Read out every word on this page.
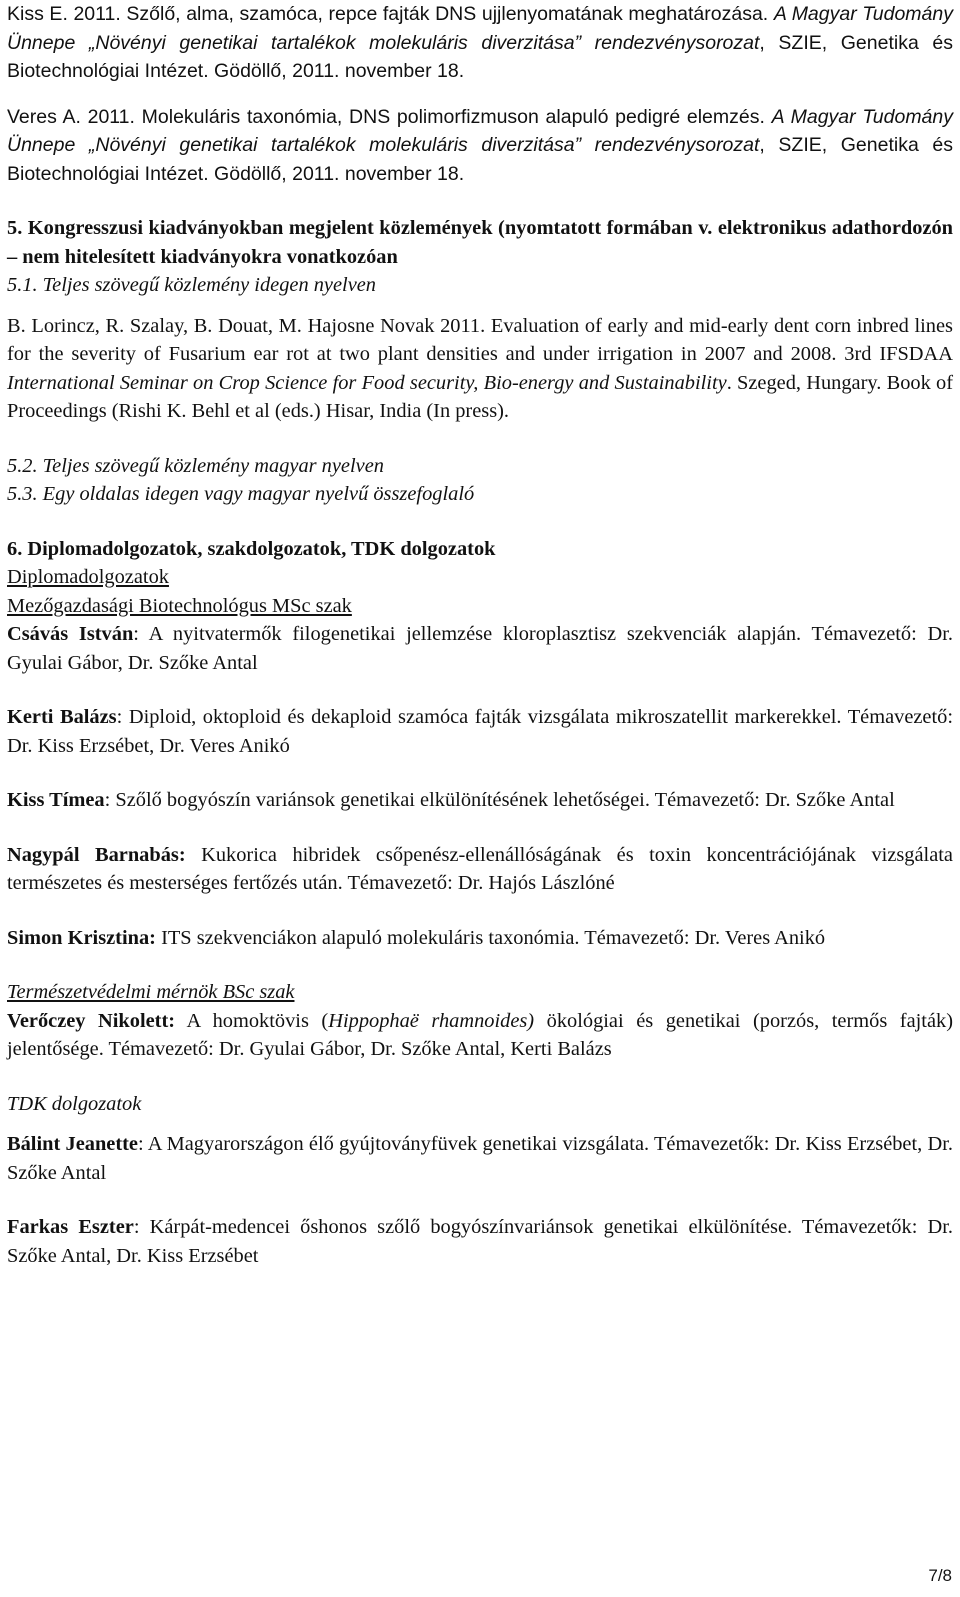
Kiss E. 2011. Szőlő, alma, szamóca, repce fajták DNS ujjlenyomatának meghatározása. A Magyar Tudomány Ünnepe „Növényi genetikai tartalékok molekuláris diverzitása” rendezvénysorozat, SZIE, Genetika és Biotechnológiai Intézet. Gödöllő, 2011. november 18.

Veres A. 2011. Molekuláris taxonómia, DNS polimorfizmuson alapuló pedigré elemzés. A Magyar Tudomány Ünnepe „Növényi genetikai tartalékok molekuláris diverzitása” rendezvénysorozat, SZIE, Genetika és Biotechnológiai Intézet. Gödöllő, 2011. november 18.

5. Kongresszusi kiadványokban megjelent közlemények (nyomtatott formában v. elektronikus adathordozón – nem hitelesített kiadványokra vonatkozóan

5.1. Teljes szövegű közlemény idegen nyelven

B. Lorincz, R. Szalay, B. Douat, M. Hajosne Novak 2011. Evaluation of early and mid-early dent corn inbred lines for the severity of Fusarium ear rot at two plant densities and under irrigation in 2007 and 2008. 3rd IFSDAA International Seminar on Crop Science for Food security, Bio-energy and Sustainability. Szeged, Hungary. Book of Proceedings (Rishi K. Behl et al (eds.) Hisar, India (In press).

5.2. Teljes szövegű közlemény magyar nyelven

5.3. Egy oldalas idegen vagy magyar nyelvű összefoglaló

6. Diplomadolgozatok, szakdolgozatok, TDK dolgozatok

Diplomadolgozatok

Mezőgazdasági Biotechnológus MSc szak

Csávás István: A nyitvatermők filogenetikai jellemzése kloroplasztisz szekvenciák alapján. Témavezető: Dr. Gyulai Gábor, Dr. Szőke Antal

Kerti Balázs: Diploid, oktoploid és dekaploid szamóca fajták vizsgálata mikroszatellit markerekkel. Témavezető: Dr. Kiss Erzsébet, Dr. Veres Anikó

Kiss Tímea: Szőlő bogyószín variánsok genetikai elkülönítésének lehetőségei. Témavezető: Dr. Szőke Antal

Nagypál Barnabás: Kukorica hibridek csőpenész-ellenállóságának és toxin koncentrációjának vizsgálata természetes és mesterséges fertőzés után. Témavezető: Dr. Hajós Lászlóné

Simon Krisztina: ITS szekvenciákon alapuló molekuláris taxonómia. Témavezető: Dr. Veres Anikó

Természetvédelmi mérnök BSc szak

Verőczey Nikolett: A homoktövis (Hippophaë rhamnoides) ökológiai és genetikai (porzós, termős fajták) jelentősége. Témavezető: Dr. Gyulai Gábor, Dr. Szőke Antal, Kerti Balázs

TDK dolgozatok

Bálint Jeanette: A Magyarországon élő gyújtoványfüvek genetikai vizsgálata. Témavezetők: Dr. Kiss Erzsébet, Dr. Szőke Antal

Farkas Eszter: Kárpát-medencei őshonos szőlő bogyószínvariánsok genetikai elkülönítése. Témavezetők: Dr. Szőke Antal, Dr. Kiss Erzsébet

7/8
